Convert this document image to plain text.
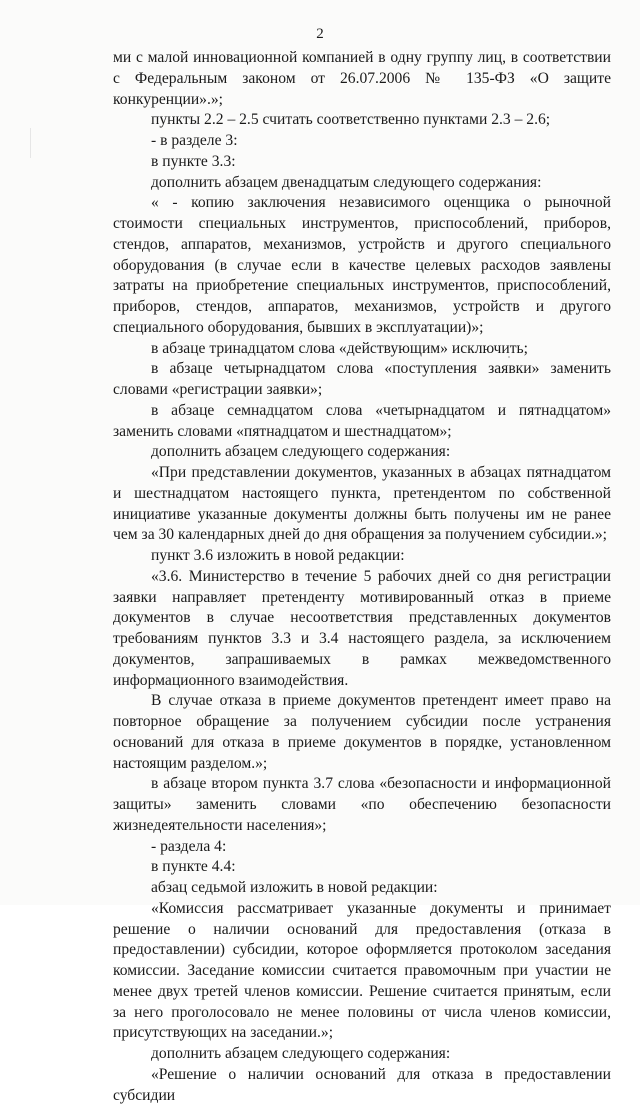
2

ми с малой инновационной компанией в одну группу лиц, в соответствии с Федеральным законом от 26.07.2006 № 135-ФЗ «О защите конкуренции».»;

пункты 2.2 – 2.5 считать соответственно пунктами 2.3 – 2.6;

- в разделе 3:

в пункте 3.3:

дополнить абзацем двенадцатым следующего содержания:

« - копию заключения независимого оценщика о рыночной стоимости специальных инструментов, приспособлений, приборов, стендов, аппаратов, механизмов, устройств и другого специального оборудования (в случае если в качестве целевых расходов заявлены затраты на приобретение специальных инструментов, приспособлений, приборов, стендов, аппаратов, механизмов, устройств и другого специального оборудования, бывших в эксплуатации)»;

в абзаце тринадцатом слова «действующим» исключить;

в абзаце четырнадцатом слова «поступления заявки» заменить словами «регистрации заявки»;

в абзаце семнадцатом слова «четырнадцатом и пятнадцатом» заменить словами «пятнадцатом и шестнадцатом»;

дополнить абзацем следующего содержания:

«При представлении документов, указанных в абзацах пятнадцатом и шестнадцатом настоящего пункта, претендентом по собственной инициативе указанные документы должны быть получены им не ранее чем за 30 календарных дней до дня обращения за получением субсидии.»;

пункт 3.6 изложить в новой редакции:

«3.6. Министерство в течение 5 рабочих дней со дня регистрации заявки направляет претенденту мотивированный отказ в приеме документов в случае несоответствия представленных документов требованиям пунктов 3.3 и 3.4 настоящего раздела, за исключением документов, запрашиваемых в рамках межведомственного информационного взаимодействия.

В случае отказа в приеме документов претендент имеет право на повторное обращение за получением субсидии после устранения оснований для отказа в приеме документов в порядке, установленном настоящим разделом.»;

в абзаце втором пункта 3.7 слова «безопасности и информационной защиты» заменить словами «по обеспечению безопасности жизнедеятельности населения»;

- раздела 4:

в пункте 4.4:

абзац седьмой изложить в новой редакции:

«Комиссия рассматривает указанные документы и принимает решение о наличии оснований для предоставления (отказа в предоставлении) субсидии, которое оформляется протоколом заседания комиссии. Заседание комиссии считается правомочным при участии не менее двух третей членов комиссии. Решение считается принятым, если за него проголосовало не менее половины от числа членов комиссии, присутствующих на заседании.»;

дополнить абзацем следующего содержания:

«Решение о наличии оснований для отказа в предоставлении субсидии
